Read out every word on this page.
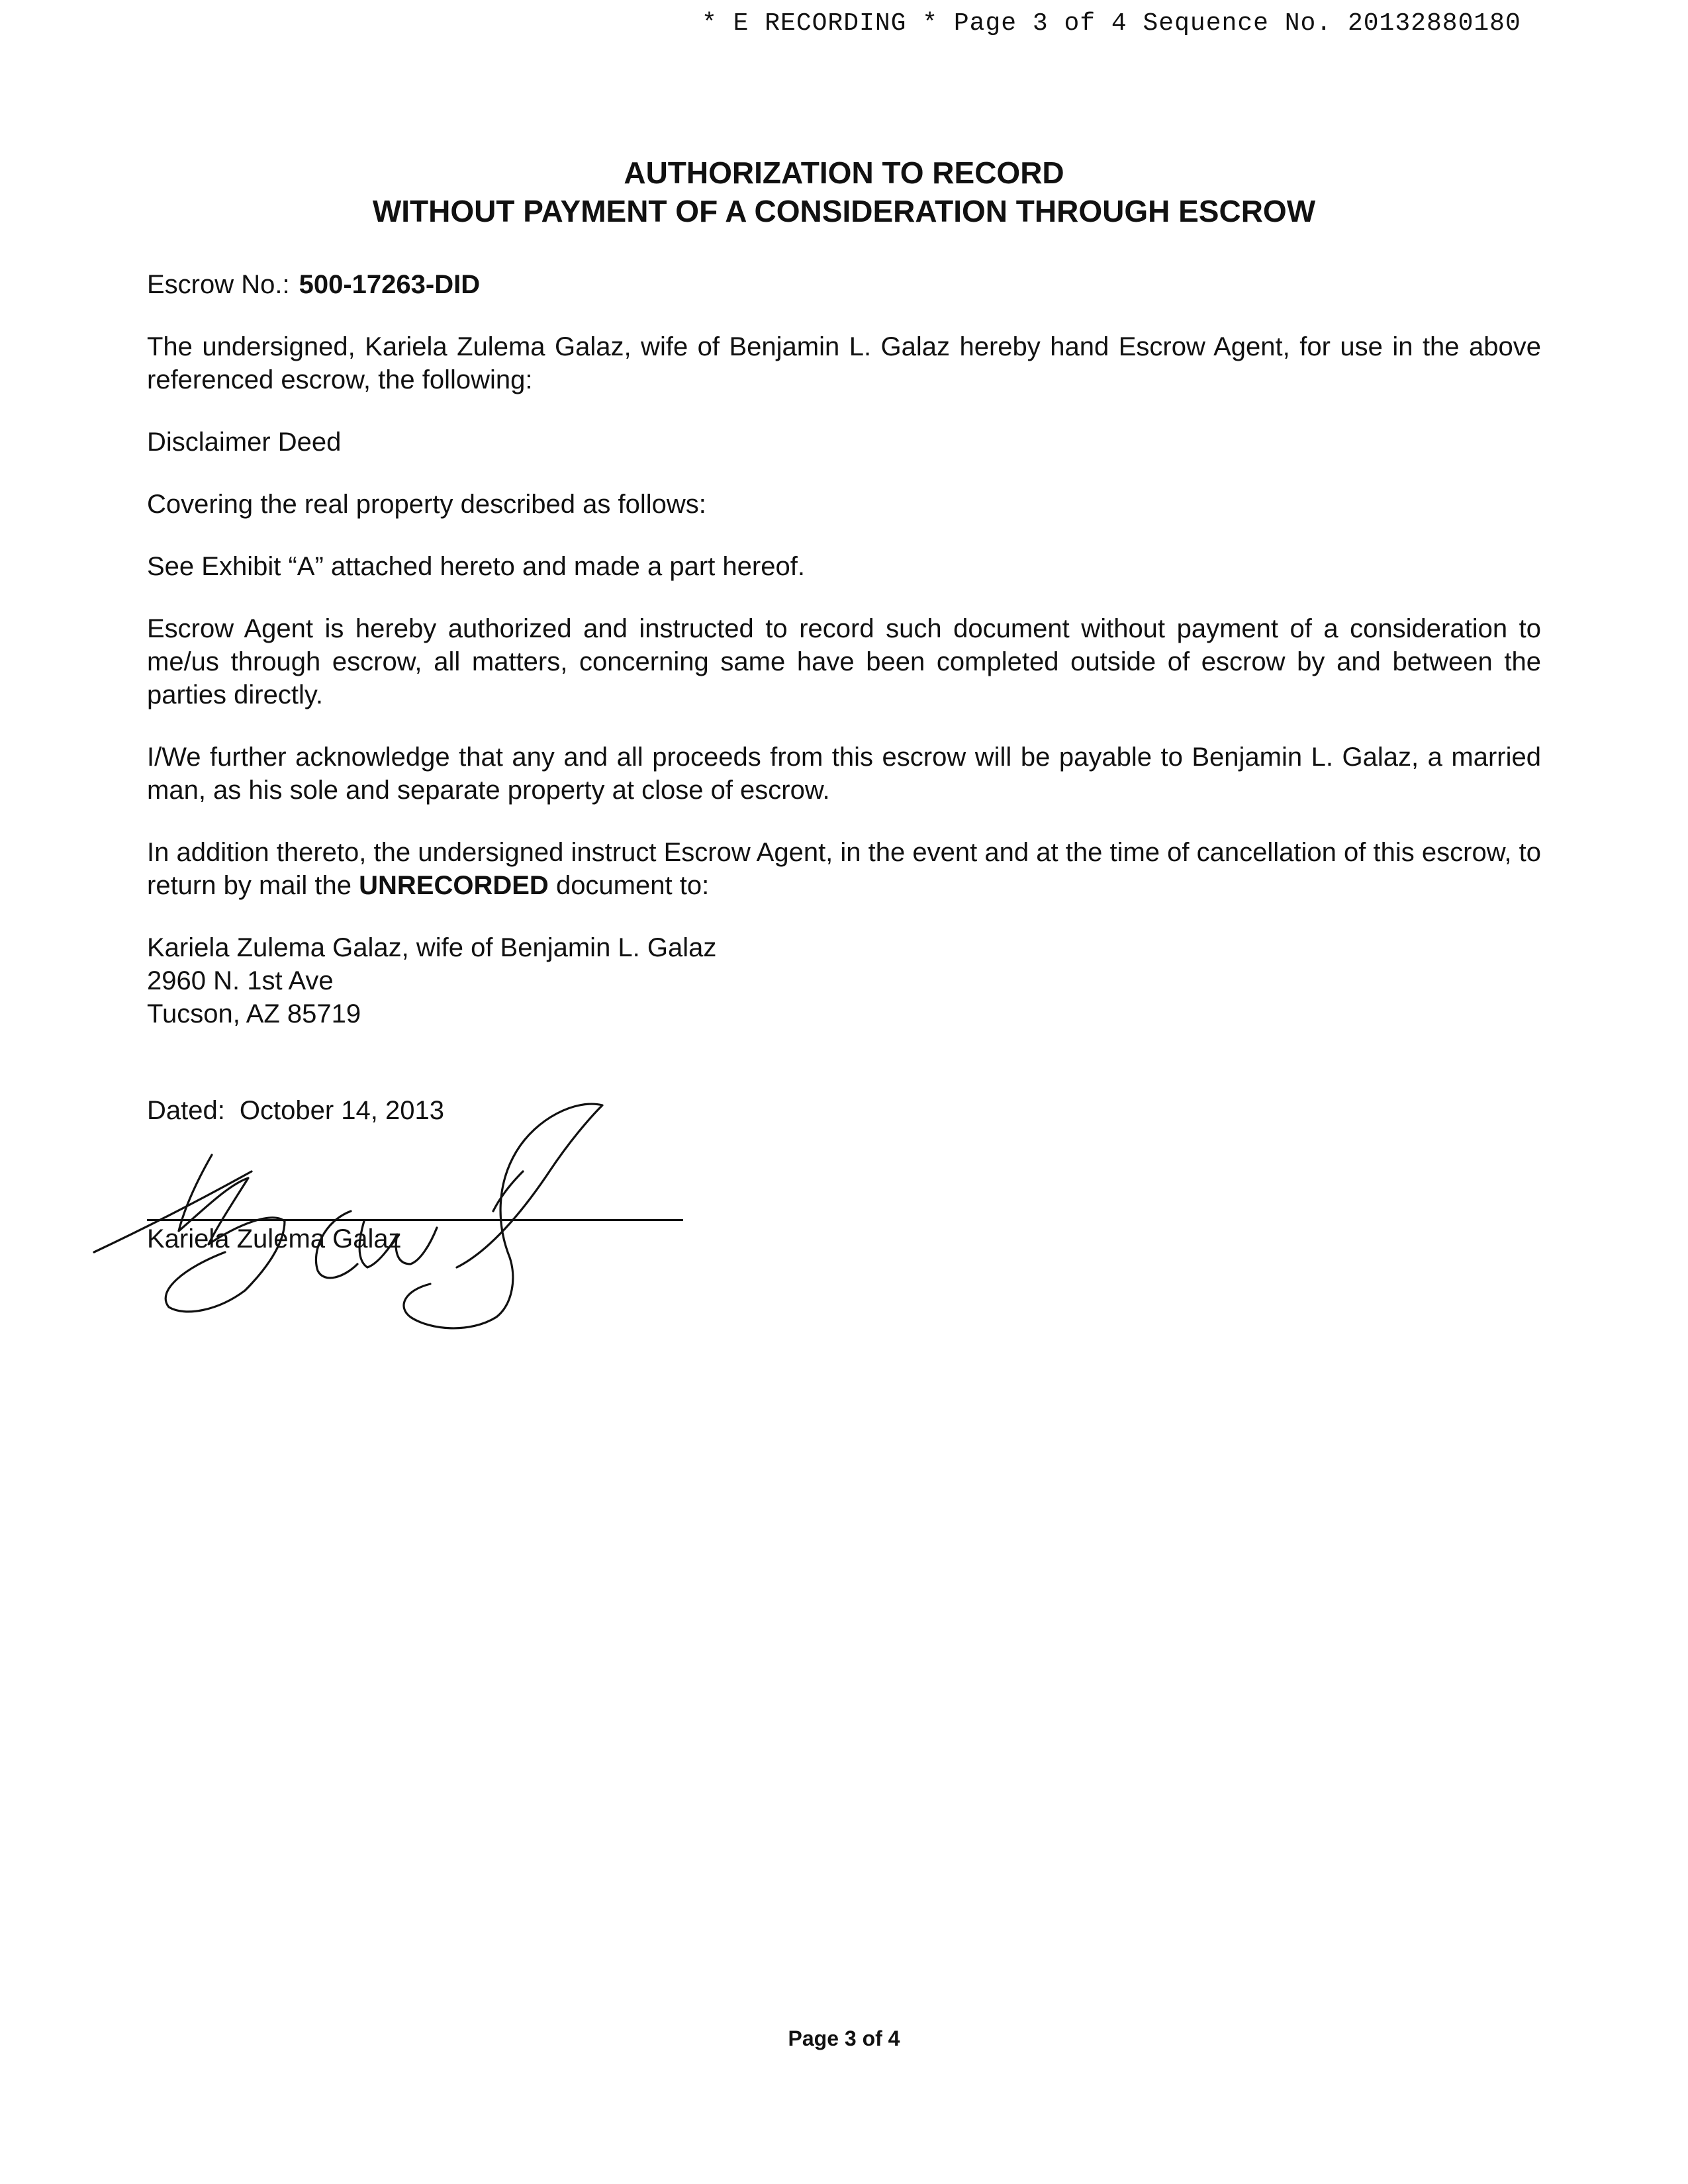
* E RECORDING * Page 3 of 4 Sequence No. 20132880180
AUTHORIZATION TO RECORD
WITHOUT PAYMENT OF A CONSIDERATION THROUGH ESCROW

Escrow No.: 500-17263-DID

The undersigned, Kariela Zulema Galaz, wife of Benjamin L. Galaz hereby hand Escrow Agent, for use in the above referenced escrow, the following:

Disclaimer Deed

Covering the real property described as follows:

See Exhibit “A” attached hereto and made a part hereof.

Escrow Agent is hereby authorized and instructed to record such document without payment of a consideration to me/us through escrow, all matters, concerning same have been completed outside of escrow by and between the parties directly.

I/We further acknowledge that any and all proceeds from this escrow will be payable to Benjamin L. Galaz, a married man, as his sole and separate property at close of escrow.

In addition thereto, the undersigned instruct Escrow Agent, in the event and at the time of cancellation of this escrow, to return by mail the UNRECORDED document to:

Kariela Zulema Galaz, wife of Benjamin L. Galaz
2960 N. 1st Ave
Tucson, AZ 85719

Dated: October 14, 2013
Kariela Zulema Galaz
Page 3 of 4
